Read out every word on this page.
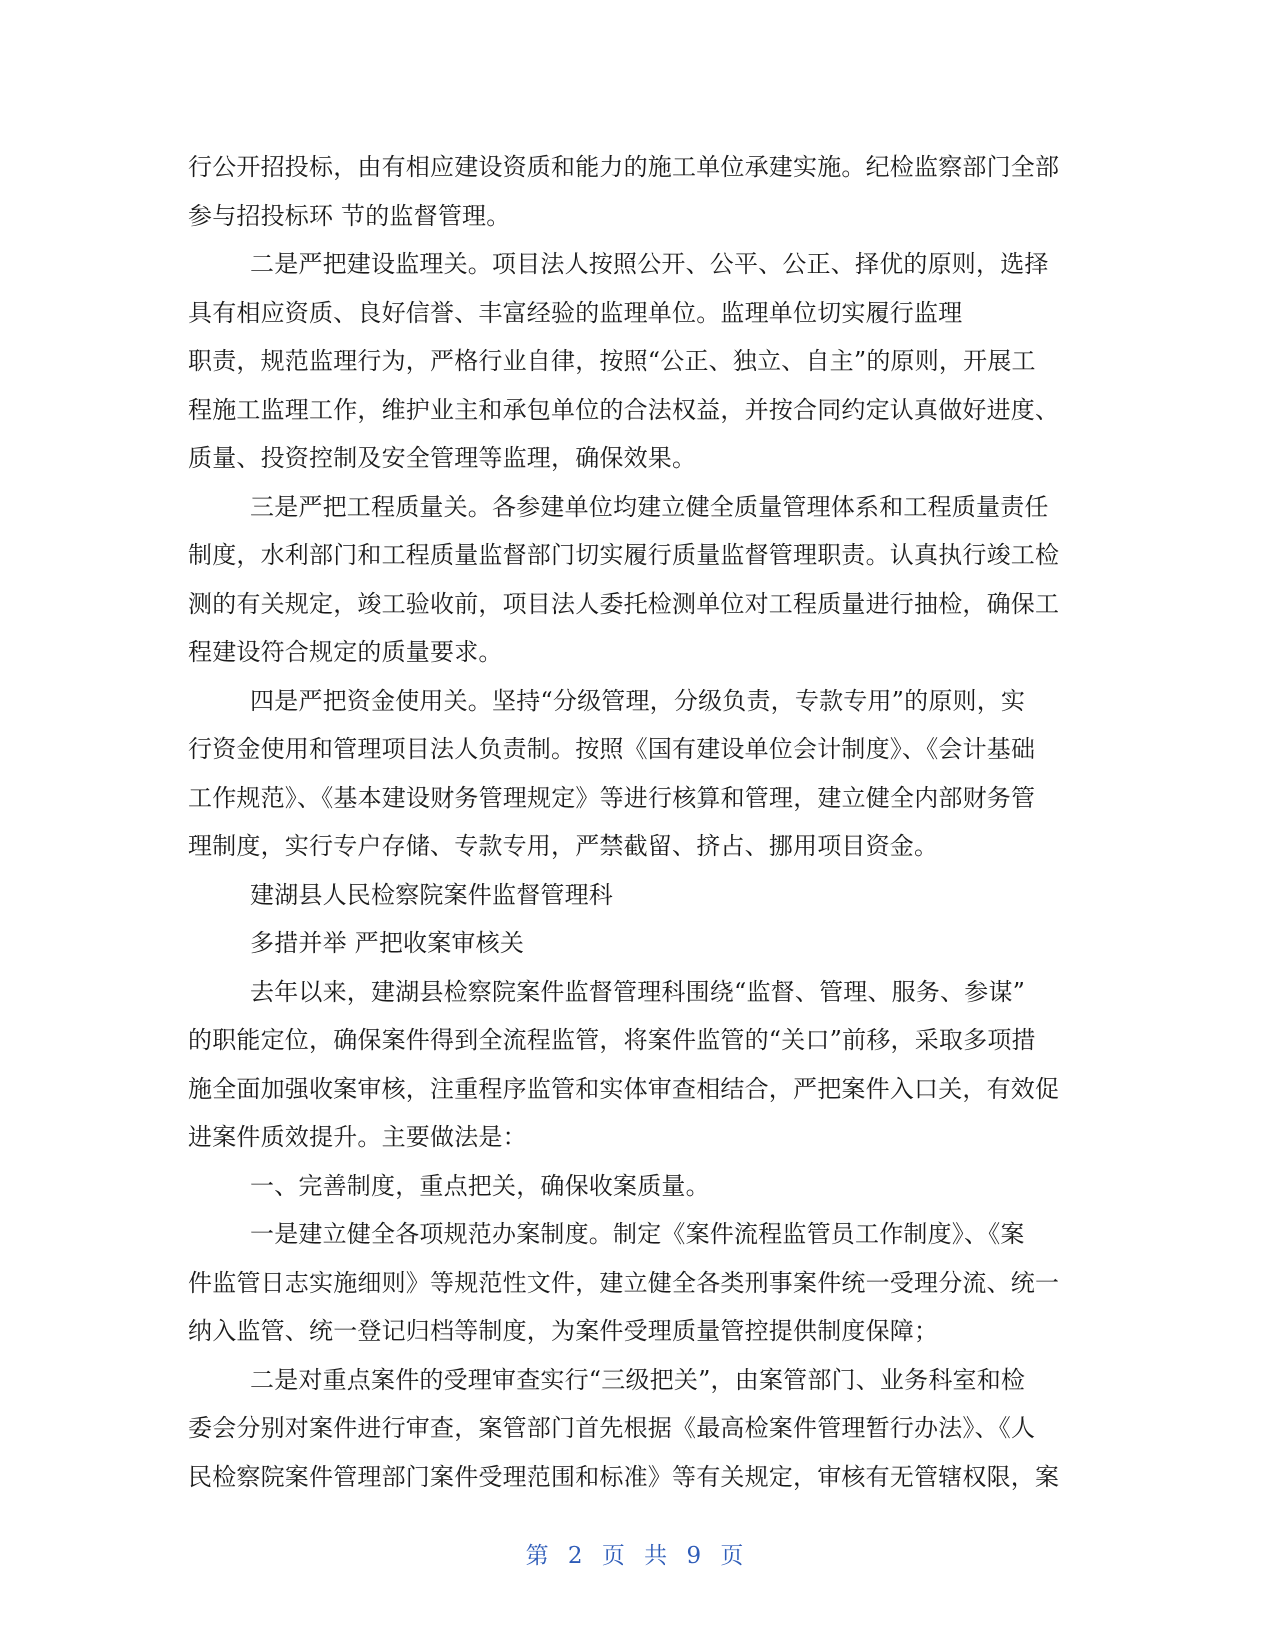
行公开招投标，由有相应建设资质和能力的施工单位承建实施。纪检监察部门全部
参与招投标环 节的监督管理。
二是严把建设监理关。项目法人按照公开、公平、公正、择优的原则，选择
具有相应资质、良好信誉、丰富经验的监理单位。监理单位切实履行监理
职责，规范监理行为，严格行业自律，按照“公正、独立、自主”的原则，开展工
程施工监理工作，维护业主和承包单位的合法权益，并按合同约定认真做好进度、
质量、投资控制及安全管理等监理，确保效果。
三是严把工程质量关。各参建单位均建立健全质量管理体系和工程质量责任
制度，水利部门和工程质量监督部门切实履行质量监督管理职责。认真执行竣工检
测的有关规定，竣工验收前，项目法人委托检测单位对工程质量进行抽检，确保工
程建设符合规定的质量要求。
四是严把资金使用关。坚持“分级管理，分级负责，专款专用”的原则，实
行资金使用和管理项目法人负责制。按照《国有建设单位会计制度》、《会计基础
工作规范》、《基本建设财务管理规定》等进行核算和管理，建立健全内部财务管
理制度，实行专户存储、专款专用，严禁截留、挤占、挪用项目资金。
建湖县人民检察院案件监督管理科
多措并举 严把收案审核关
去年以来，建湖县检察院案件监督管理科围绕“监督、管理、服务、参谋”
的职能定位，确保案件得到全流程监管，将案件监管的“关口”前移，采取多项措
施全面加强收案审核，注重程序监管和实体审查相结合，严把案件入口关，有效促
进案件质效提升。主要做法是：
一、完善制度，重点把关，确保收案质量。
一是建立健全各项规范办案制度。制定《案件流程监管员工作制度》、《案
件监管日志实施细则》等规范性文件，建立健全各类刑事案件统一受理分流、统一
纳入监管、统一登记归档等制度，为案件受理质量管控提供制度保障；
二是对重点案件的受理审查实行“三级把关”，由案管部门、业务科室和检
委会分别对案件进行审查，案管部门首先根据《最高检案件管理暂行办法》、《人
民检察院案件管理部门案件受理范围和标准》等有关规定，审核有无管辖权限，案
第 2 页 共 9 页
